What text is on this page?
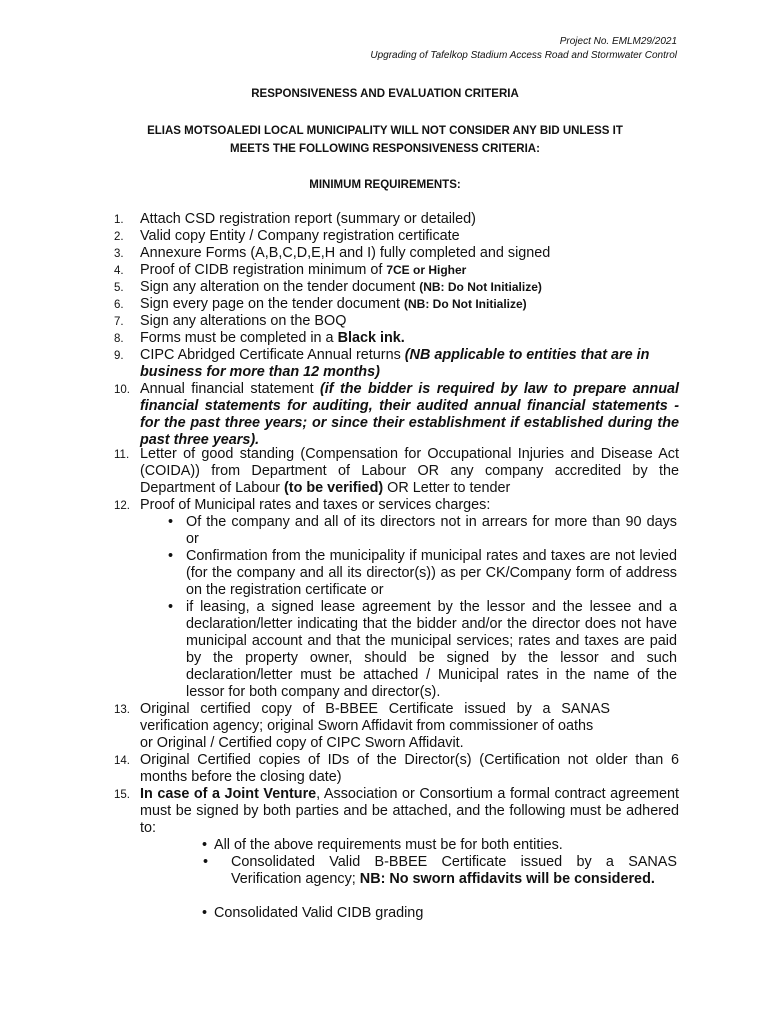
Project No. EMLM29/2021
Upgrading of Tafelkop Stadium Access Road and Stormwater Control
RESPONSIVENESS AND EVALUATION CRITERIA
ELIAS MOTSOALEDI LOCAL MUNICIPALITY WILL NOT CONSIDER ANY BID UNLESS IT
MEETS THE FOLLOWING RESPONSIVENESS CRITERIA:
MINIMUM REQUIREMENTS:
1.	Attach CSD registration report (summary or detailed)
2.	Valid copy Entity / Company registration certificate
3.	Annexure Forms (A,B,C,D,E,H and I) fully completed and signed
4.	Proof of CIDB registration minimum of 7CE or Higher
5.	Sign any alteration on the tender document (NB: Do Not Initialize)
6.	Sign every page on the tender document (NB: Do Not Initialize)
7.	Sign any alterations on the BOQ
8.	Forms must be completed in a Black ink.
9.	CIPC Abridged Certificate Annual returns (NB applicable to entities that are in business for more than 12 months)
10. Annual financial statement (if the bidder is required by law to prepare annual financial statements for auditing, their audited annual financial statements - for the past three years; or since their establishment if established during the past three years).
11. Letter of good standing (Compensation for Occupational Injuries and Disease Act (COIDA)) from Department of Labour OR any company accredited by the Department of Labour (to be verified) OR Letter to tender
12. Proof of Municipal rates and taxes or services charges:
• Of the company and all of its directors not in arrears for more than 90 days or
• Confirmation from the municipality if municipal rates and taxes are not levied (for the company and all its director(s)) as per CK/Company form of address on the registration certificate or
• if leasing, a signed lease agreement by the lessor and the lessee and a declaration/letter indicating that the bidder and/or the director does not have municipal account and that the municipal services; rates and taxes are paid by the property owner, should be signed by the lessor and such declaration/letter must be attached / Municipal rates in the name of the lessor for both company and director(s).
13. Original certified copy of B-BBEE Certificate issued by a SANAS
verification agency; original Sworn Affidavit from commissioner of oaths
or Original / Certified copy of CIPC Sworn Affidavit.
14. Original Certified copies of IDs of the Director(s) (Certification not older than 6 months before the closing date)
15. In case of a Joint Venture, Association or Consortium a formal contract agreement must be signed by both parties and be attached, and the following must be adhered to:
• All of the above requirements must be for both entities.
• Consolidated Valid B-BBEE Certificate issued by a SANAS Verification agency; NB: No sworn affidavits will be considered.
• Consolidated Valid CIDB grading
